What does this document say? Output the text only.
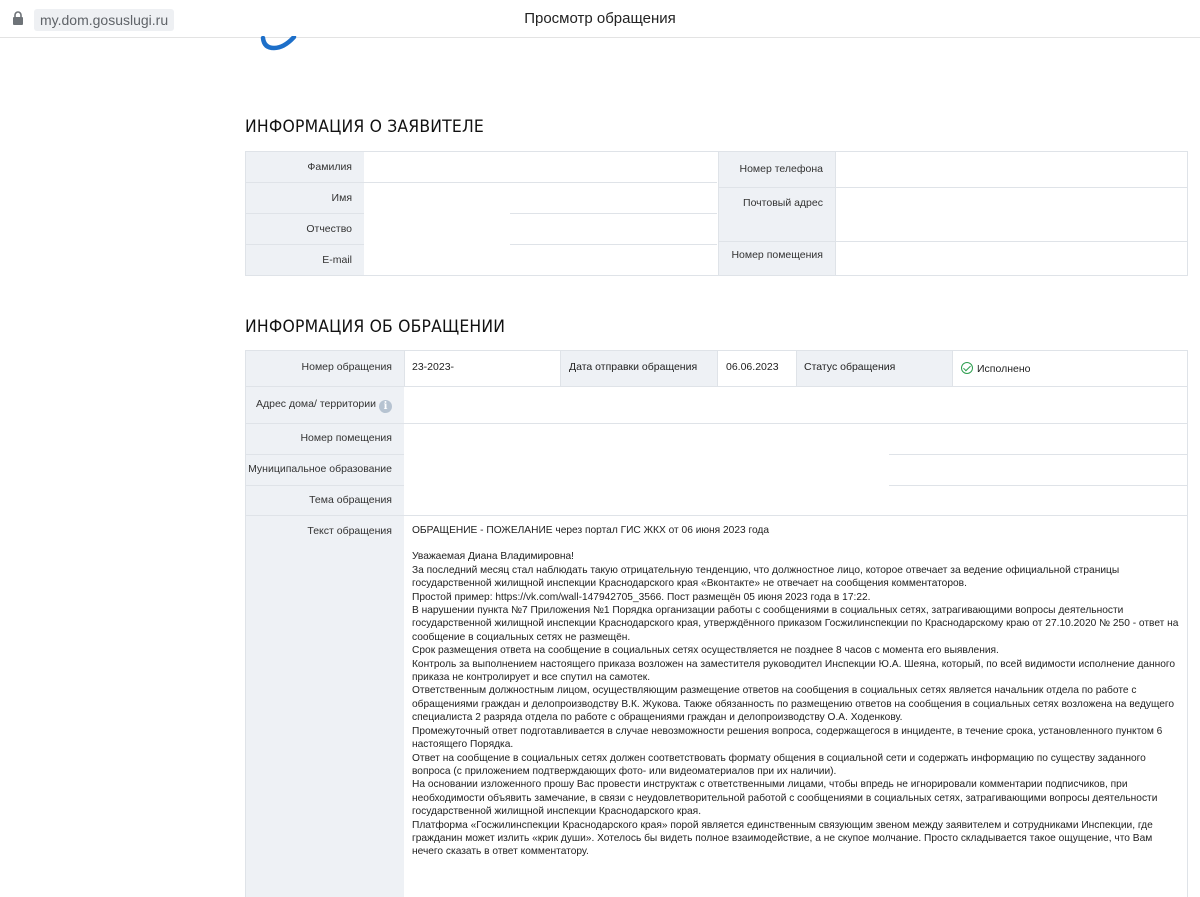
my.dom.gosuslugi.ru	Просмотр обращения
ИНФОРМАЦИЯ О ЗАЯВИТЕЛЕ
Фамилия
Имя
Отчество
E-mail
Номер телефона
Почтовый адрес
Номер помещения
ИНФОРМАЦИЯ ОБ ОБРАЩЕНИИ
Номер обращения	23-2023-	Дата отправки обращения	06.06.2023	Статус обращения	Исполнено
Адрес дома/ территории i
Номер помещения
Муниципальное образование
Тема обращения
Текст обращения	ОБРАЩЕНИЕ - ПОЖЕЛАНИЕ через портал ГИС ЖКХ от 06 июня 2023 года

Уважаемая Диана Владимировна!

За последний месяц стал наблюдать такую отрицательную тенденцию, что должностное лицо, которое отвечает за ведение официальной страницы государственной жилищной инспекции Краснодарского края «Вконтакте» не отвечает на сообщения комментаторов.

Простой пример: https://vk.com/wall-147942705_3566. Пост размещён 05 июня 2023 года в 17:22.

В нарушении пункта №7 Приложения №1 Порядка организации работы с сообщениями в социальных сетях, затрагивающими вопросы деятельности государственной жилищной инспекции Краснодарского края, утверждённого приказом Госжилинспекции по Краснодарскому краю от 27.10.2020 № 250 - ответ на сообщение в социальных сетях не размещён.

Срок размещения ответа на сообщение в социальных сетях осуществляется не позднее 8 часов с момента его выявления.

Контроль за выполнением настоящего приказа возложен на заместителя руководител Инспекции Ю.А. Шеяна, который, по всей видимости исполнение данного приказа не контролирует и все спутил на самотек.

Ответственным должностным лицом, осуществляющим размещение ответов на сообщения в социальных сетях является начальник отдела по работе с обращениями граждан и делопроизводству В.К. Жукова. Также обязанность по размещению ответов на сообщения в социальных сетях возложена на ведущего специалиста 2 разряда отдела по работе с обращениями граждан и делопроизводству О.А. Ходенкову.

Промежуточный ответ подготавливается в случае невозможности решения вопроса, содержащегося в инциденте, в течение срока, установленного пунктом 6 настоящего Порядка.

Ответ на сообщение в социальных сетях должен соответствовать формату общения в социальной сети и содержать информацию по существу заданного вопроса (с приложением подтверждающих фото- или видеоматериалов при их наличии).

На основании изложенного прошу Вас провести инструктаж с ответственными лицами, чтобы впредь не игнорировали комментарии подписчиков, при необходимости объявить замечание, в связи с неудовлетворительной работой с сообщениями в социальных сетях, затрагивающими вопросы деятельности государственной жилищной инспекции Краснодарского края.

Платформа «Госжилинспекции Краснодарского края» порой является единственным связующим звеном между заявителем и сотрудниками Инспекции, где гражданин может излить «крик души». Хотелось бы видеть полное взаимодействие, а не скупое молчание. Просто складывается такое ощущение, что Вам нечего сказать в ответ комментатору.
